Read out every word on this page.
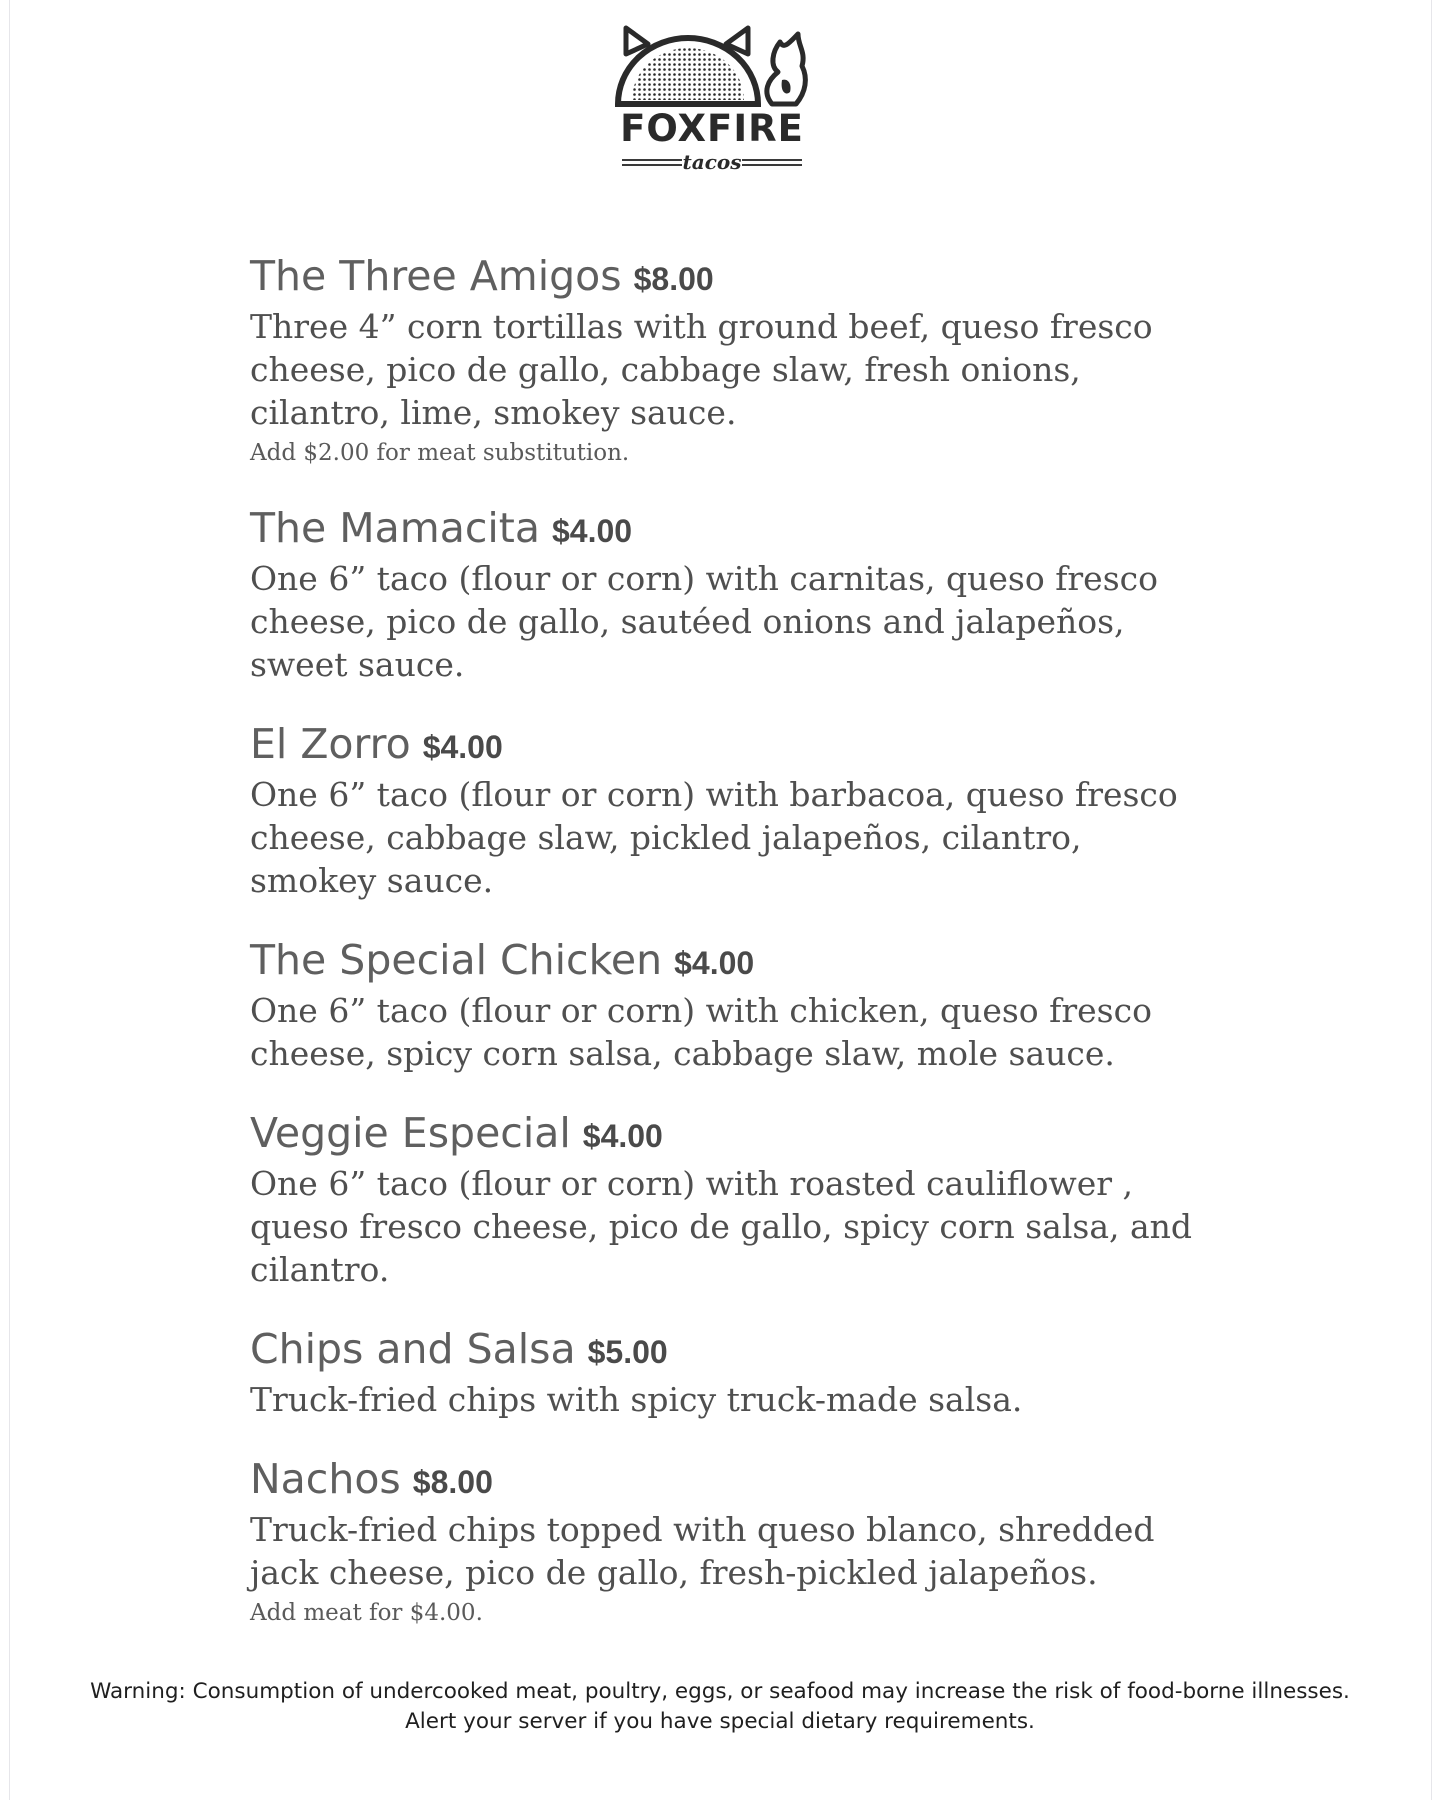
FOXFIRE
tacos
The Three Amigos $8.00
Three 4” corn tortillas with ground beef, queso fresco cheese, pico de gallo, cabbage slaw, fresh onions, cilantro, lime, smokey sauce.
Add $2.00 for meat substitution.
The Mamacita $4.00
One 6” taco (flour or corn) with carnitas, queso fresco cheese, pico de gallo, sautéed onions and jalapeños, sweet sauce.
El Zorro $4.00
One 6” taco (flour or corn) with barbacoa, queso fresco cheese, cabbage slaw, pickled jalapeños, cilantro, smokey sauce.
The Special Chicken $4.00
One 6” taco (flour or corn) with chicken, queso fresco cheese, spicy corn salsa, cabbage slaw, mole sauce.
Veggie Especial $4.00
One 6” taco (flour or corn) with roasted cauliflower , queso fresco cheese, pico de gallo, spicy corn salsa, and cilantro.
Chips and Salsa $5.00
Truck-fried chips with spicy truck-made salsa.
Nachos $8.00
Truck-fried chips topped with queso blanco, shredded jack cheese, pico de gallo, fresh-pickled jalapeños.
Add meat for $4.00.
Warning: Consumption of undercooked meat, poultry, eggs, or seafood may increase the risk of food-borne illnesses.
Alert your server if you have special dietary requirements.
